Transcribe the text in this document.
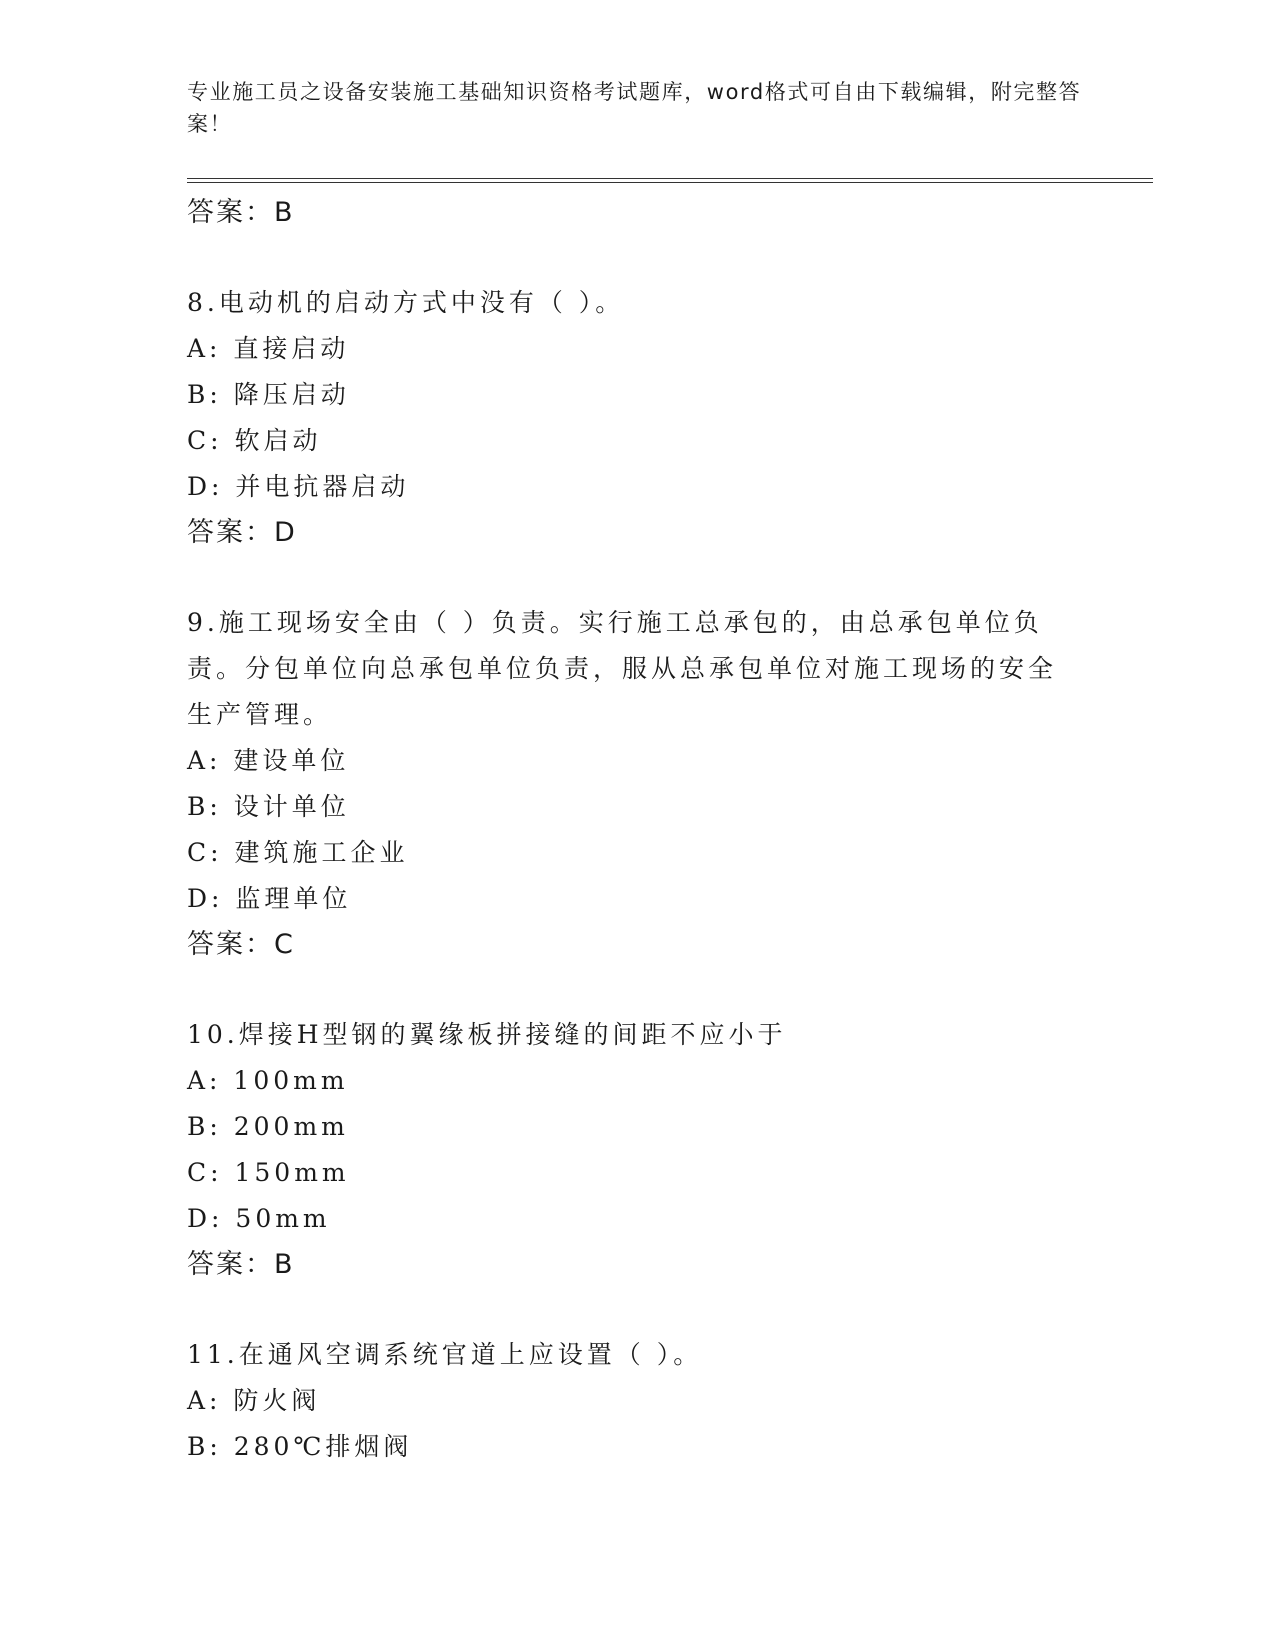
专业施工员之设备安装施工基础知识资格考试题库，word格式可自由下载编辑，附完整答案！
答案：B
8.电动机的启动方式中没有（ ）。
A: 直接启动
B: 降压启动
C: 软启动
D: 并电抗器启动
答案：D
9.施工现场安全由（ ）负责。实行施工总承包的，由总承包单位负责。分包单位向总承包单位负责，服从总承包单位对施工现场的安全生产管理。
A: 建设单位
B: 设计单位
C: 建筑施工企业
D: 监理单位
答案：C
10.焊接H型钢的翼缘板拼接缝的间距不应小于
A: 100mm
B: 200mm
C: 150mm
D: 50mm
答案：B
11.在通风空调系统官道上应设置（ ）。
A: 防火阀
B: 280℃排烟阀
